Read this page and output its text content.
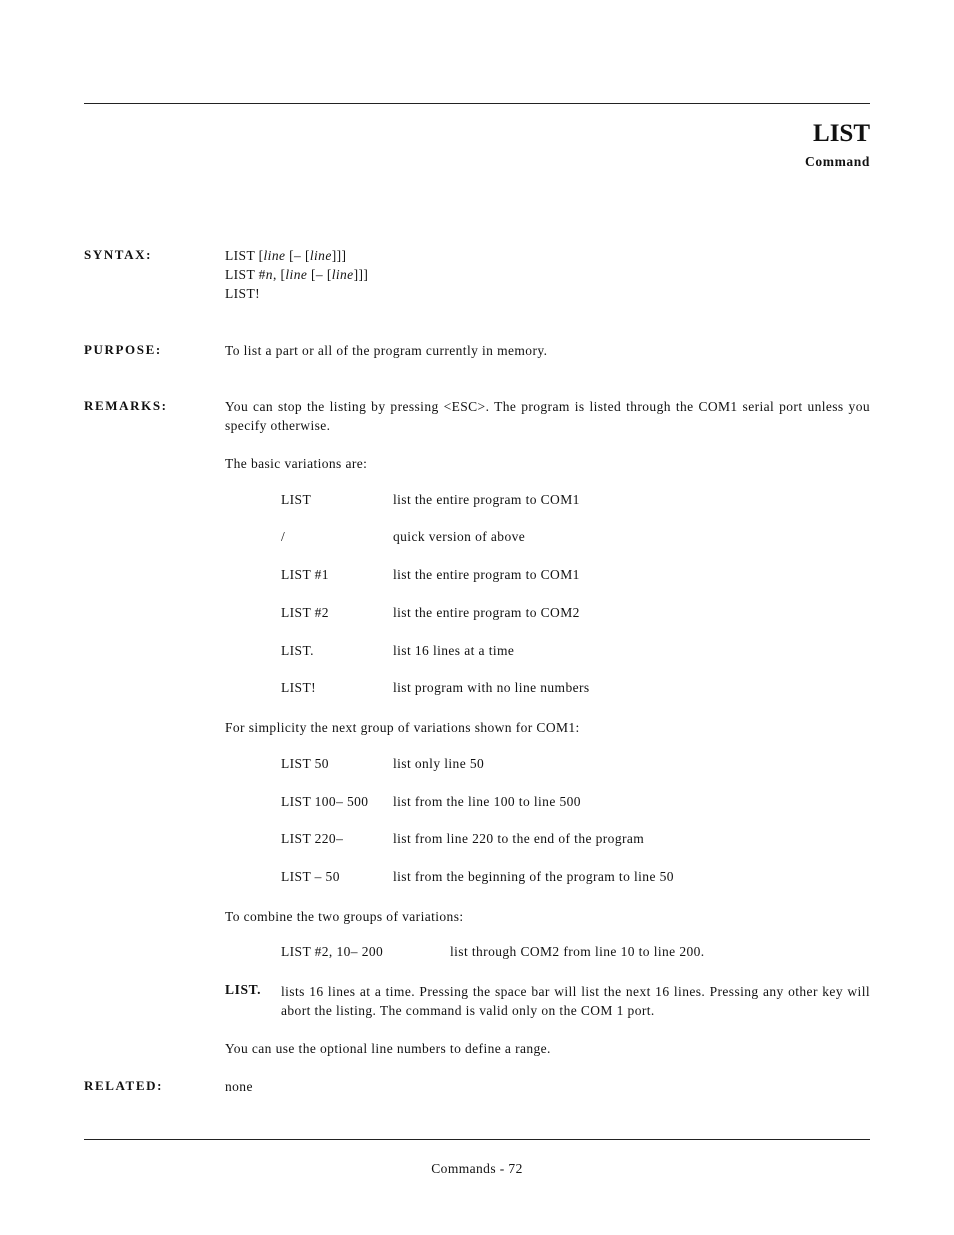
LIST
Command
SYNTAX:	LIST [line [– [line]]]
LIST #n, [line [– [line]]]
LIST!
PURPOSE:	To list a part or all of the program currently in memory.
REMARKS:	You can stop the listing by pressing <ESC>. The program is listed through the COM1 serial port unless you specify otherwise.
The basic variations are:
LIST	list the entire program to COM1
/	quick version of above
LIST #1	list the entire program to COM1
LIST #2	list the entire program to COM2
LIST.	list 16 lines at a time
LIST!	list program with no line numbers
For simplicity the next group of variations shown for COM1:
LIST 50	list only line 50
LIST 100– 500 list from the line 100 to line 500
LIST 220–	list from line 220 to the end of the program
LIST – 50	list from the beginning of the program to line 50
To combine the two groups of variations:
LIST #2, 10– 200	list through COM2 from line 10 to line 200.
LIST. lists 16 lines at a time. Pressing the space bar will list the next 16 lines. Pressing any other key will abort the listing. The command is valid only on the COM 1 port.
You can use the optional line numbers to define a range.
RELATED:	none
Commands - 72
